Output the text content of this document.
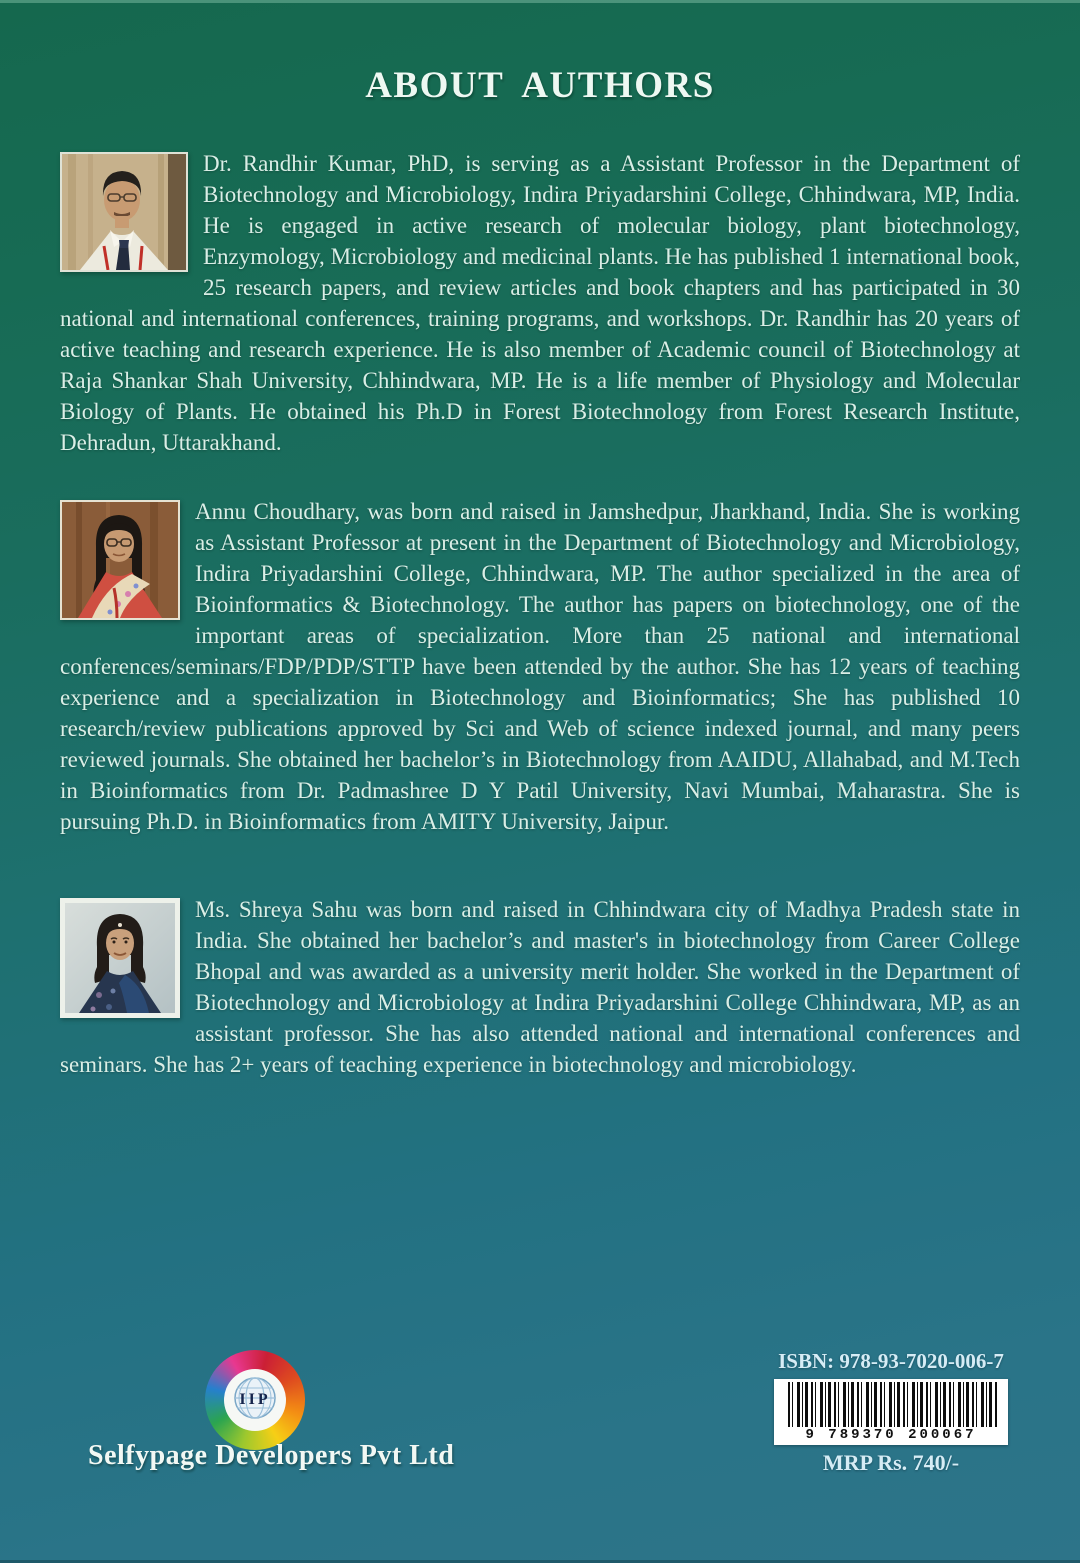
ABOUT AUTHORS
Dr. Randhir Kumar, PhD, is serving as a Assistant Professor in the Department of Biotechnology and Microbiology, Indira Priyadarshini College, Chhindwara, MP, India. He is engaged in active research of molecular biology, plant biotechnology, Enzymology, Microbiology and medicinal plants. He has published 1 international book, 25 research papers, and review articles and book chapters and has participated in 30 national and international conferences, training programs, and workshops. Dr. Randhir has 20 years of active teaching and research experience. He is also member of Academic council of Biotechnology at Raja Shankar Shah University, Chhindwara, MP. He is a life member of Physiology and Molecular Biology of Plants. He obtained his Ph.D in Forest Biotechnology from Forest Research Institute, Dehradun, Uttarakhand.
Annu Choudhary, was born and raised in Jamshedpur, Jharkhand, India. She is working as Assistant Professor at present in the Department of Biotechnology and Microbiology, Indira Priyadarshini College, Chhindwara, MP. The author specialized in the area of Bioinformatics & Biotechnology. The author has papers on biotechnology, one of the important areas of specialization. More than 25 national and international conferences/seminars/FDP/PDP/STTP have been attended by the author. She has 12 years of teaching experience and a specialization in Biotechnology and Bioinformatics; She has published 10 research/review publications approved by Sci and Web of science indexed journal, and many peers reviewed journals. She obtained her bachelor’s in Biotechnology from AAIDU, Allahabad, and M.Tech in Bioinformatics from Dr. Padmashree D Y Patil University, Navi Mumbai, Maharastra. She is pursuing Ph.D. in Bioinformatics from AMITY University, Jaipur.
Ms. Shreya Sahu was born and raised in Chhindwara city of Madhya Pradesh state in India. She obtained her bachelor’s and master's in biotechnology from Career College Bhopal and was awarded as a university merit holder. She worked in the Department of Biotechnology and Microbiology at Indira Priyadarshini College Chhindwara, MP, as an assistant professor. She has also attended national and international conferences and seminars. She has 2+ years of teaching experience in biotechnology and microbiology.
IIP

Selfypage Developers Pvt Ltd

ISBN: 978-93-7020-006-7

9 789370 200067

MRP Rs. 740/-
